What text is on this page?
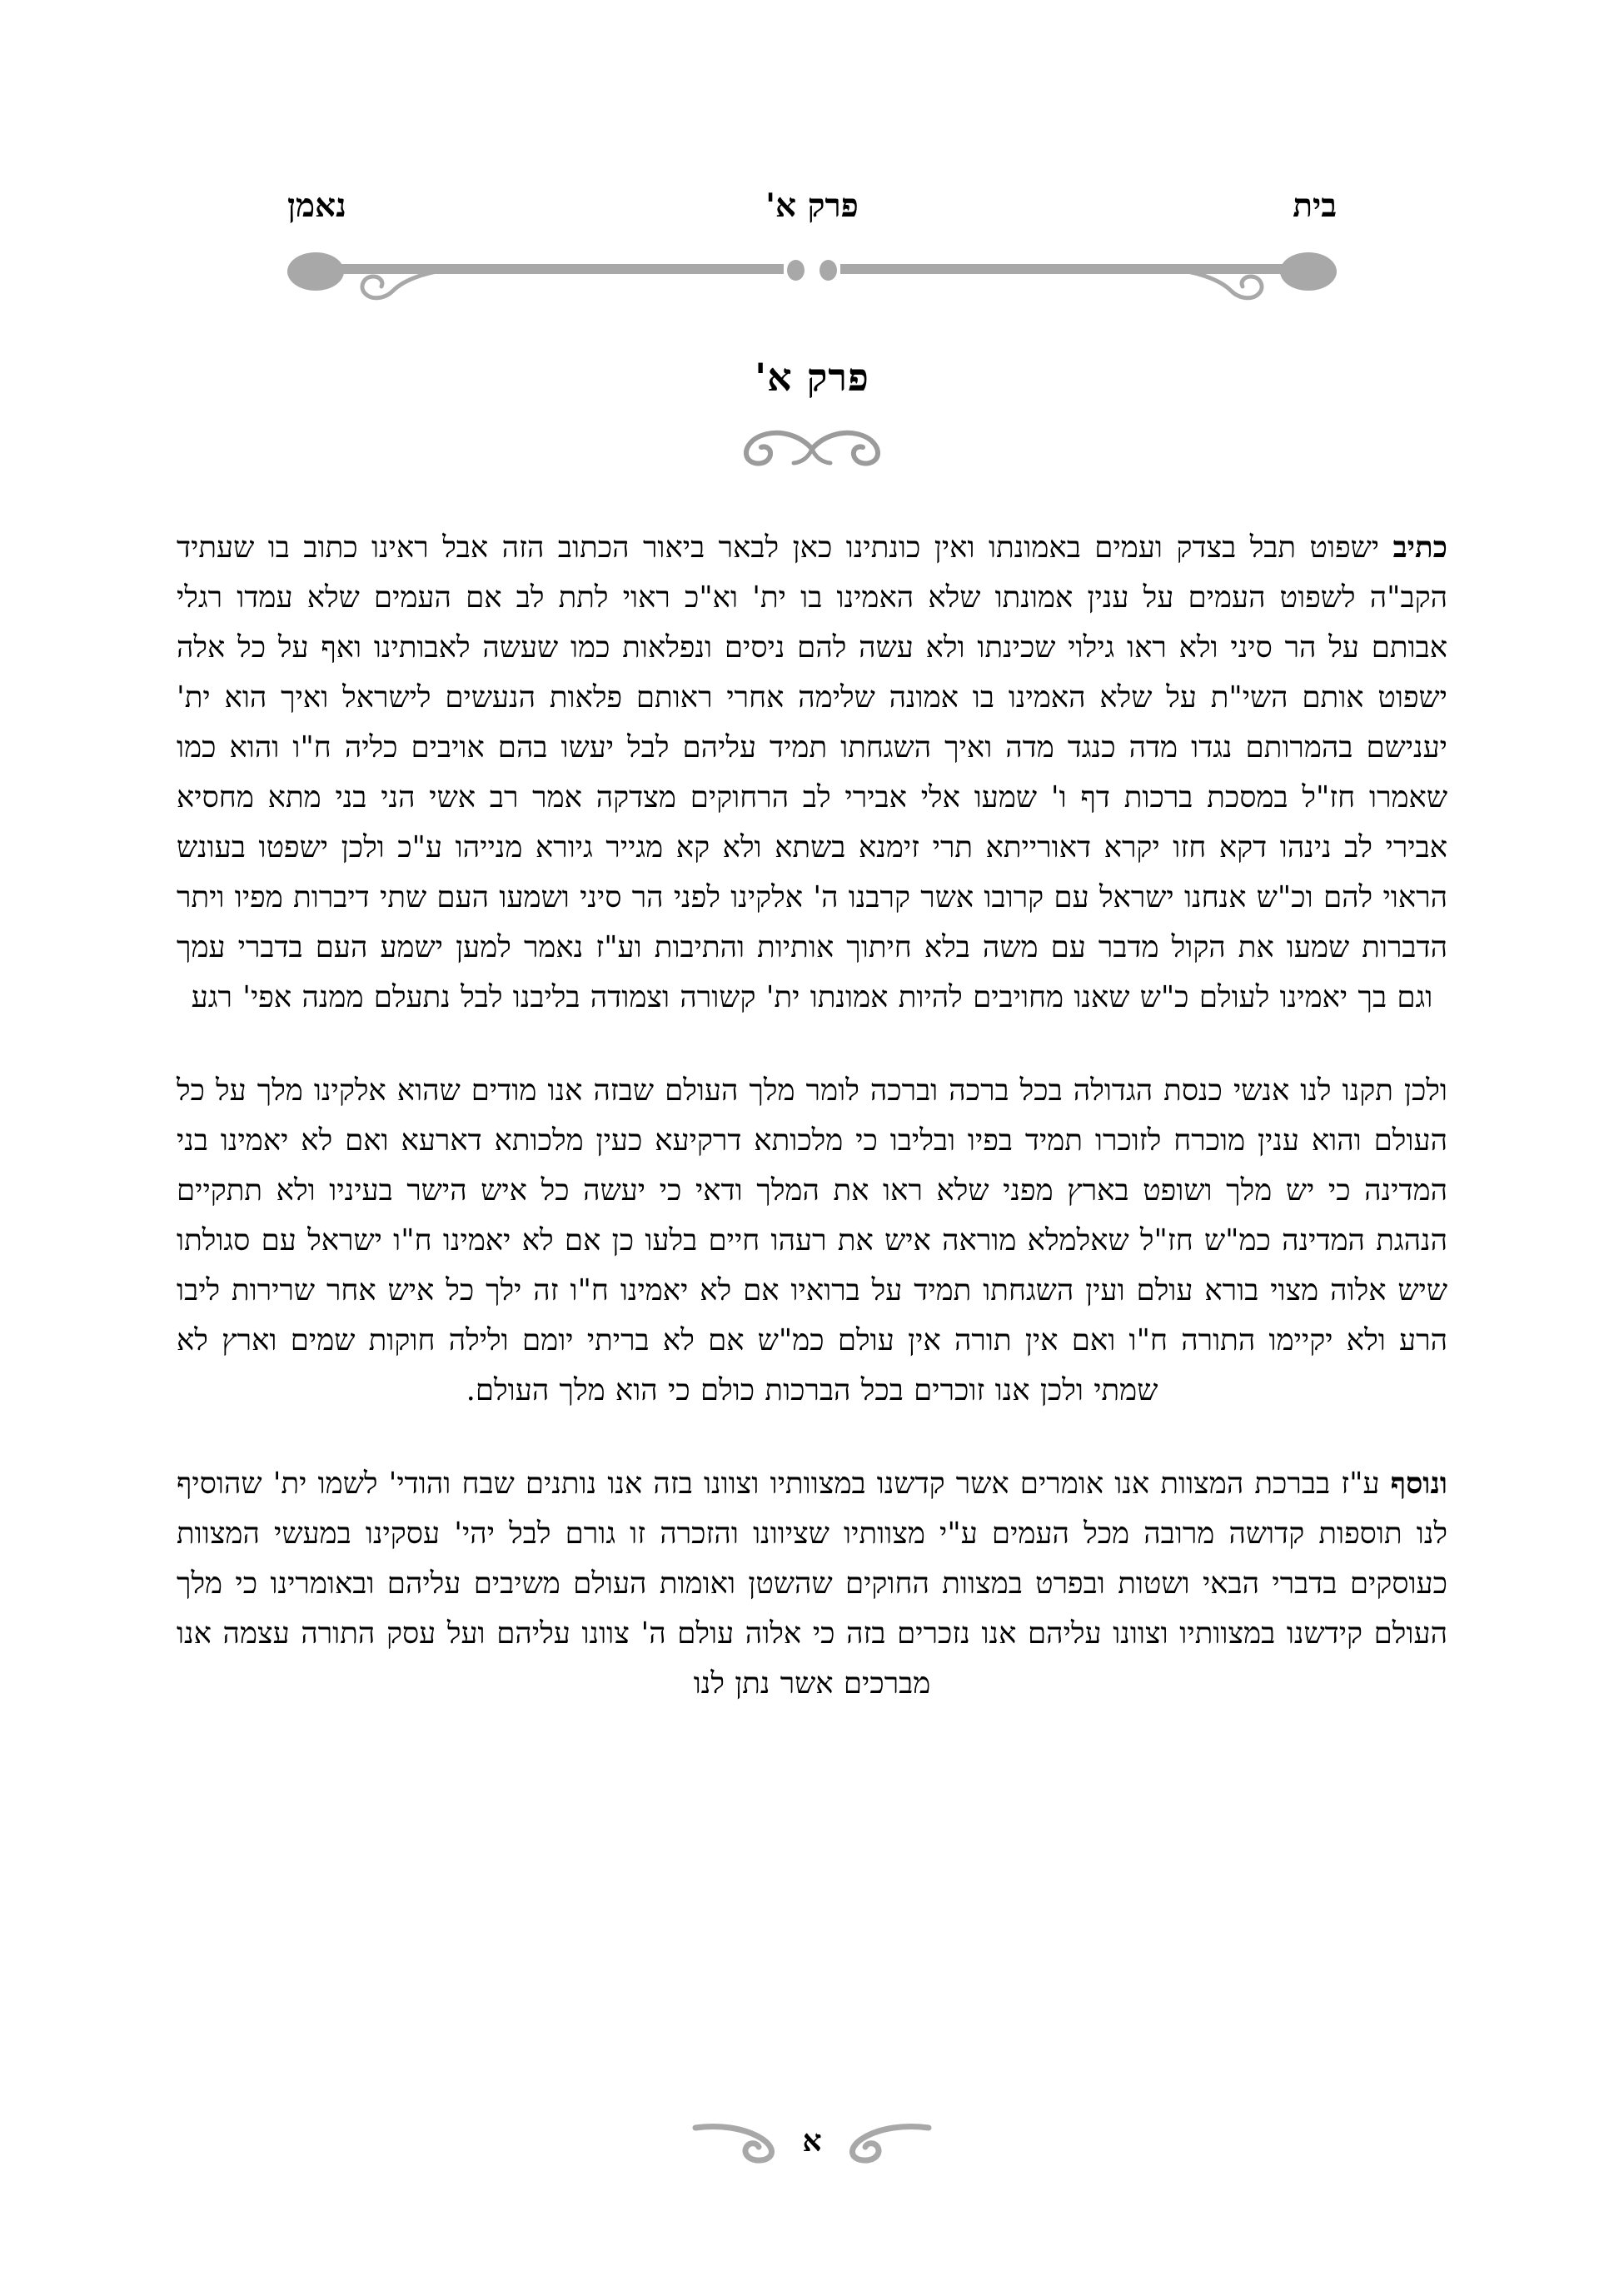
בית
פרק א'
נאמן
פרק א'

כתיב ישפוט תבל בצדק ועמים באמונתו ואין כונתינו כאן לבאר ביאור הכתוב הזה אבל ראינו כתוב בו שעתיד הקב"ה לשפוט העמים על ענין אמונתו שלא האמינו בו ית' וא"כ ראוי לתת לב אם העמים שלא עמדו רגלי אבותם על הר סיני ולא ראו גילוי שכינתו ולא עשה להם ניסים ונפלאות כמו שעשה לאבותינו ואף על כל אלה ישפוט אותם השי"ת על שלא האמינו בו אמונה שלימה אחרי ראותם פלאות הנעשים לישראל ואיך הוא ית' יענישם בהמרותם נגדו מדה כנגד מדה ואיך השגחתו תמיד עליהם לבל יעשו בהם אויבים כליה ח"ו והוא כמו שאמרו חז"ל במסכת ברכות דף ו' שמעו אלי אבירי לב הרחוקים מצדקה אמר רב אשי הני בני מתא מחסיא אבירי לב נינהו דקא חזו יקרא דאורייתא תרי זימנא בשתא ולא קא מגייר גיורא מנייהו ע"כ ולכן ישפטו בעונש הראוי להם וכ"ש אנחנו ישראל עם קרובו אשר קרבנו ה' אלקינו לפני הר סיני ושמעו העם שתי דיברות מפיו ויתר הדברות שמעו את הקול מדבר עם משה בלא חיתוך אותיות והתיבות וע"ז נאמר למען ישמע העם בדברי עמך וגם בך יאמינו לעולם כ"ש שאנו מחויבים להיות אמונתו ית' קשורה וצמודה בליבנו לבל נתעלם ממנה אפי' רגע

ולכן תקנו לנו אנשי כנסת הגדולה בכל ברכה וברכה לומר מלך העולם שבזה אנו מודים שהוא אלקינו מלך על כל העולם והוא ענין מוכרח לזוכרו תמיד בפיו ובליבו כי מלכותא דרקיעא כעין מלכותא דארעא ואם לא יאמינו בני המדינה כי יש מלך ושופט בארץ מפני שלא ראו את המלך ודאי כי יעשה כל איש הישר בעיניו ולא תתקיים הנהגת המדינה כמ"ש חז"ל שאלמלא מוראה איש את רעהו חיים בלעו כן אם לא יאמינו ח"ו ישראל עם סגולתו שיש אלוה מצוי בורא עולם ועין השגחתו תמיד על ברואיו אם לא יאמינו ח"ו זה ילך כל איש אחר שרירות ליבו הרע ולא יקיימו התורה ח"ו ואם אין תורה אין עולם כמ"ש אם לא בריתי יומם ולילה חוקות שמים וארץ לא שמתי ולכן אנו זוכרים בכל הברכות כולם כי הוא מלך העולם.

ונוסף ע"ז בברכת המצוות אנו אומרים אשר קדשנו במצוותיו וצוונו בזה אנו נותנים שבח והודי' לשמו ית' שהוסיף לנו תוספות קדושה מרובה מכל העמים ע"י מצוותיו שציוונו והזכרה זו גורם לבל יהי' עסקינו במעשי המצוות כעוסקים בדברי הבאי ושטות ובפרט במצוות החוקים שהשטן ואומות העולם משיבים עליהם ובאומרינו כי מלך העולם קידשנו במצוותיו וצוונו עליהם אנו נזכרים בזה כי אלוה עולם ה' צוונו עליהם ועל עסק התורה עצמה אנו מברכים אשר נתן לנו

א
